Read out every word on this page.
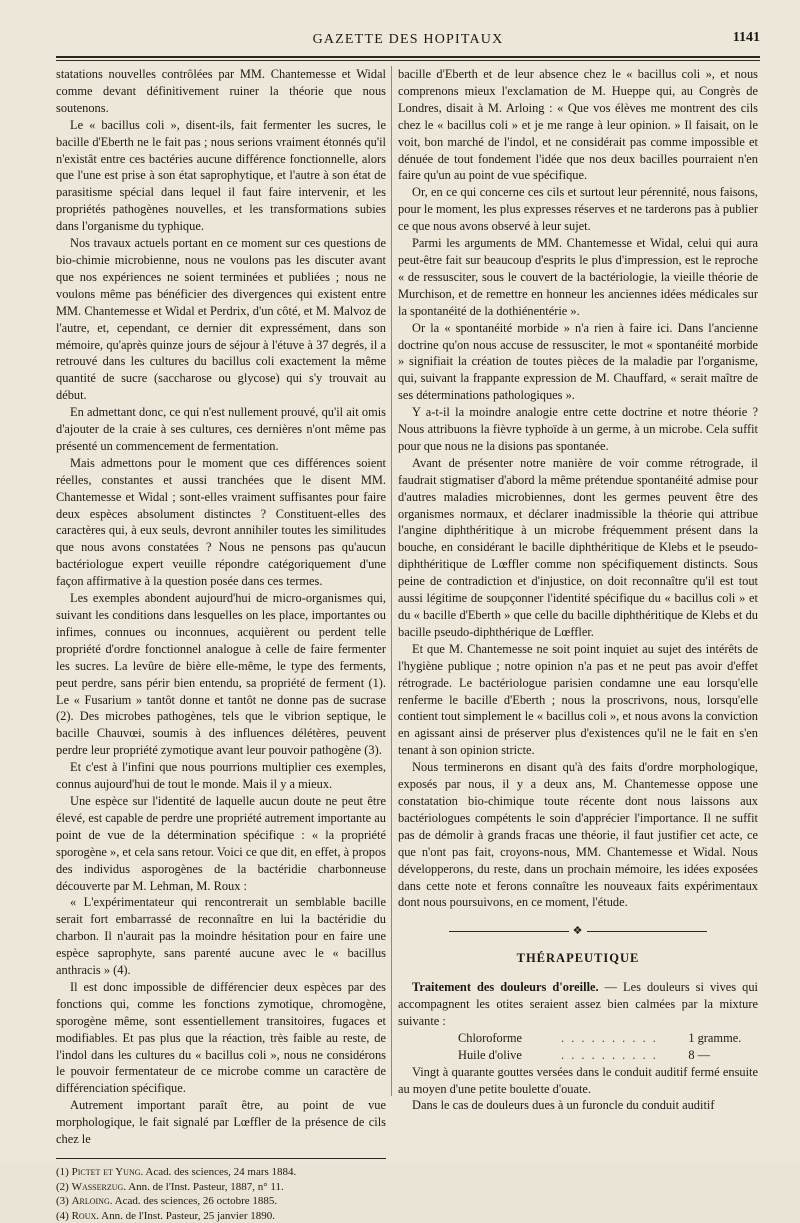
GAZETTE DES HOPITAUX	1141

statations nouvelles contrôlées par MM. Chantemesse et Widal comme devant définitivement ruiner la théorie que nous soutenons.

Le « bacillus coli », disent-ils, fait fermenter les sucres, le bacille d'Eberth ne le fait pas ; nous serions vraiment étonnés qu'il n'existât entre ces bactéries aucune différence fonctionnelle, alors que l'une est prise à son état saprophytique, et l'autre à son état de parasitisme spécial dans lequel il faut faire intervenir, et les propriétés pathogènes nouvelles, et les transformations subies dans l'organisme du typhique.

Nos travaux actuels portant en ce moment sur ces questions de bio-chimie microbienne, nous ne voulons pas les discuter avant que nos expériences ne soient terminées et publiées ; nous ne voulons même pas bénéficier des divergences qui existent entre MM. Chantemesse et Widal et Perdrix, d'un côté, et M. Malvoz de l'autre, et, cependant, ce dernier dit expressément, dans son mémoire, qu'après quinze jours de séjour à l'étuve à 37 degrés, il a retrouvé dans les cultures du bacillus coli exactement la même quantité de sucre (saccharose ou glycose) qui s'y trouvait au début.

En admettant donc, ce qui n'est nullement prouvé, qu'il ait omis d'ajouter de la craie à ses cultures, ces dernières n'ont même pas présenté un commencement de fermentation.

Mais admettons pour le moment que ces différences soient réelles, constantes et aussi tranchées que le disent MM. Chantemesse et Widal ; sont-elles vraiment suffisantes pour faire deux espèces absolument distinctes ? Constituent-elles des caractères qui, à eux seuls, devront annihiler toutes les similitudes que nous avons constatées ? Nous ne pensons pas qu'aucun bactériologue expert veuille répondre catégoriquement d'une façon affirmative à la question posée dans ces termes.

Les exemples abondent aujourd'hui de micro-organismes qui, suivant les conditions dans lesquelles on les place, importantes ou infimes, connues ou inconnues, acquièrent ou perdent telle propriété d'ordre fonctionnel analogue à celle de faire fermenter les sucres. La levûre de bière elle-même, le type des ferments, peut perdre, sans périr bien entendu, sa propriété de ferment (1). Le « Fusarium » tantôt donne et tantôt ne donne pas de sucrase (2). Des microbes pathogènes, tels que le vibrion septique, le bacille Chauvœi, soumis à des influences délétères, peuvent perdre leur propriété zymotique avant leur pouvoir pathogène (3).

Et c'est à l'infini que nous pourrions multiplier ces exemples, connus aujourd'hui de tout le monde. Mais il y a mieux.

Une espèce sur l'identité de laquelle aucun doute ne peut être élevé, est capable de perdre une propriété autrement importante au point de vue de la détermination spécifique : « la propriété sporogène », et cela sans retour. Voici ce que dit, en effet, à propos des individus asporogènes de la bactéridie charbonneuse découverte par M. Lehman, M. Roux :

« L'expérimentateur qui rencontrerait un semblable bacille serait fort embarrassé de reconnaître en lui la bactéridie du charbon. Il n'aurait pas la moindre hésitation pour en faire une espèce saprophyte, sans parenté aucune avec le « bacillus anthracis » (4).

Il est donc impossible de différencier deux espèces par des fonctions qui, comme les fonctions zymotique, chromogène, sporogène même, sont essentiellement transitoires, fugaces et modifiables. Et pas plus que la réaction, très faible au reste, de l'indol dans les cultures du « bacillus coli », nous ne considérons le pouvoir fermentateur de ce microbe comme un caractère de différenciation spécifique.

Autrement important paraît être, au point de vue morphologique, le fait signalé par Lœffler de la présence de cils chez le

(1) Pictet et Yung. Acad. des sciences, 24 mars 1884.
(2) Wasserzug. Ann. de l'Inst. Pasteur, 1887, n° 11.
(3) Arloing. Acad. des sciences, 26 octobre 1885.
(4) Roux. Ann. de l'Inst. Pasteur, 25 janvier 1890.

bacille d'Eberth et de leur absence chez le « bacillus coli », et nous comprenons mieux l'exclamation de M. Hueppe qui, au Congrès de Londres, disait à M. Arloing : « Que vos élèves me montrent des cils chez le « bacillus coli » et je me range à leur opinion. » Il faisait, on le voit, bon marché de l'indol, et ne considérait pas comme impossible et dénuée de tout fondement l'idée que nos deux bacilles pourraient n'en faire qu'un au point de vue spécifique.

Or, en ce qui concerne ces cils et surtout leur pérennité, nous faisons, pour le moment, les plus expresses réserves et ne tarderons pas à publier ce que nous avons observé à leur sujet.

Parmi les arguments de MM. Chantemesse et Widal, celui qui aura peut-être fait sur beaucoup d'esprits le plus d'impression, est le reproche « de ressusciter, sous le couvert de la bactériologie, la vieille théorie de Murchison, et de remettre en honneur les anciennes idées médicales sur la spontanéité de la dothiénentérie ».

Or la « spontanéité morbide » n'a rien à faire ici. Dans l'ancienne doctrine qu'on nous accuse de ressusciter, le mot « spontanéité morbide » signifiait la création de toutes pièces de la maladie par l'organisme, qui, suivant la frappante expression de M. Chauffard, « serait maître de ses déterminations pathologiques ».

Y a-t-il la moindre analogie entre cette doctrine et notre théorie ? Nous attribuons la fièvre typhoïde à un germe, à un microbe. Cela suffit pour que nous ne la disions pas spontanée.

Avant de présenter notre manière de voir comme rétrograde, il faudrait stigmatiser d'abord la même prétendue spontanéité admise pour d'autres maladies microbiennes, dont les germes peuvent être des organismes normaux, et déclarer inadmissible la théorie qui attribue l'angine diphthéritique à un microbe fréquemment présent dans la bouche, en considérant le bacille diphthéritique de Klebs et le pseudo-diphthéritique de Lœffler comme non spécifiquement distincts. Sous peine de contradiction et d'injustice, on doit reconnaître qu'il est tout aussi légitime de soupçonner l'identité spécifique du « bacillus coli » et du « bacille d'Eberth » que celle du bacille diphthéritique de Klebs et du bacille pseudo-diphthérique de Lœffler.

Et que M. Chantemesse ne soit point inquiet au sujet des intérêts de l'hygiène publique ; notre opinion n'a pas et ne peut pas avoir d'effet rétrograde. Le bactériologue parisien condamne une eau lorsqu'elle renferme le bacille d'Eberth ; nous la proscrivons, nous, lorsqu'elle contient tout simplement le « bacillus coli », et nous avons la conviction en agissant ainsi de préserver plus d'existences qu'il ne le fait en s'en tenant à son opinion stricte.

Nous terminerons en disant qu'à des faits d'ordre morphologique, exposés par nous, il y a deux ans, M. Chantemesse oppose une constatation bio-chimique toute récente dont nous laissons aux bactériologues compétents le soin d'apprécier l'importance. Il ne suffit pas de démolir à grands fracas une théorie, il faut justifier cet acte, ce que n'ont pas fait, croyons-nous, MM. Chantemesse et Widal. Nous développerons, du reste, dans un prochain mémoire, les idées exposées dans cette note et ferons connaître les nouveaux faits expérimentaux dont nous poursuivons, en ce moment, l'étude.

❖
THÉRAPEUTIQUE

Traitement des douleurs d'oreille. — Les douleurs si vives qui accompagnent les otites seraient assez bien calmées par la mixture suivante :

Chloroforme	. . . . . . . . . .	1 gramme.
Huile d'olive	. . . . . . . . . .	8 —

Vingt à quarante gouttes versées dans le conduit auditif fermé ensuite au moyen d'une petite boulette d'ouate.

Dans le cas de douleurs dues à un furoncle du conduit auditif
